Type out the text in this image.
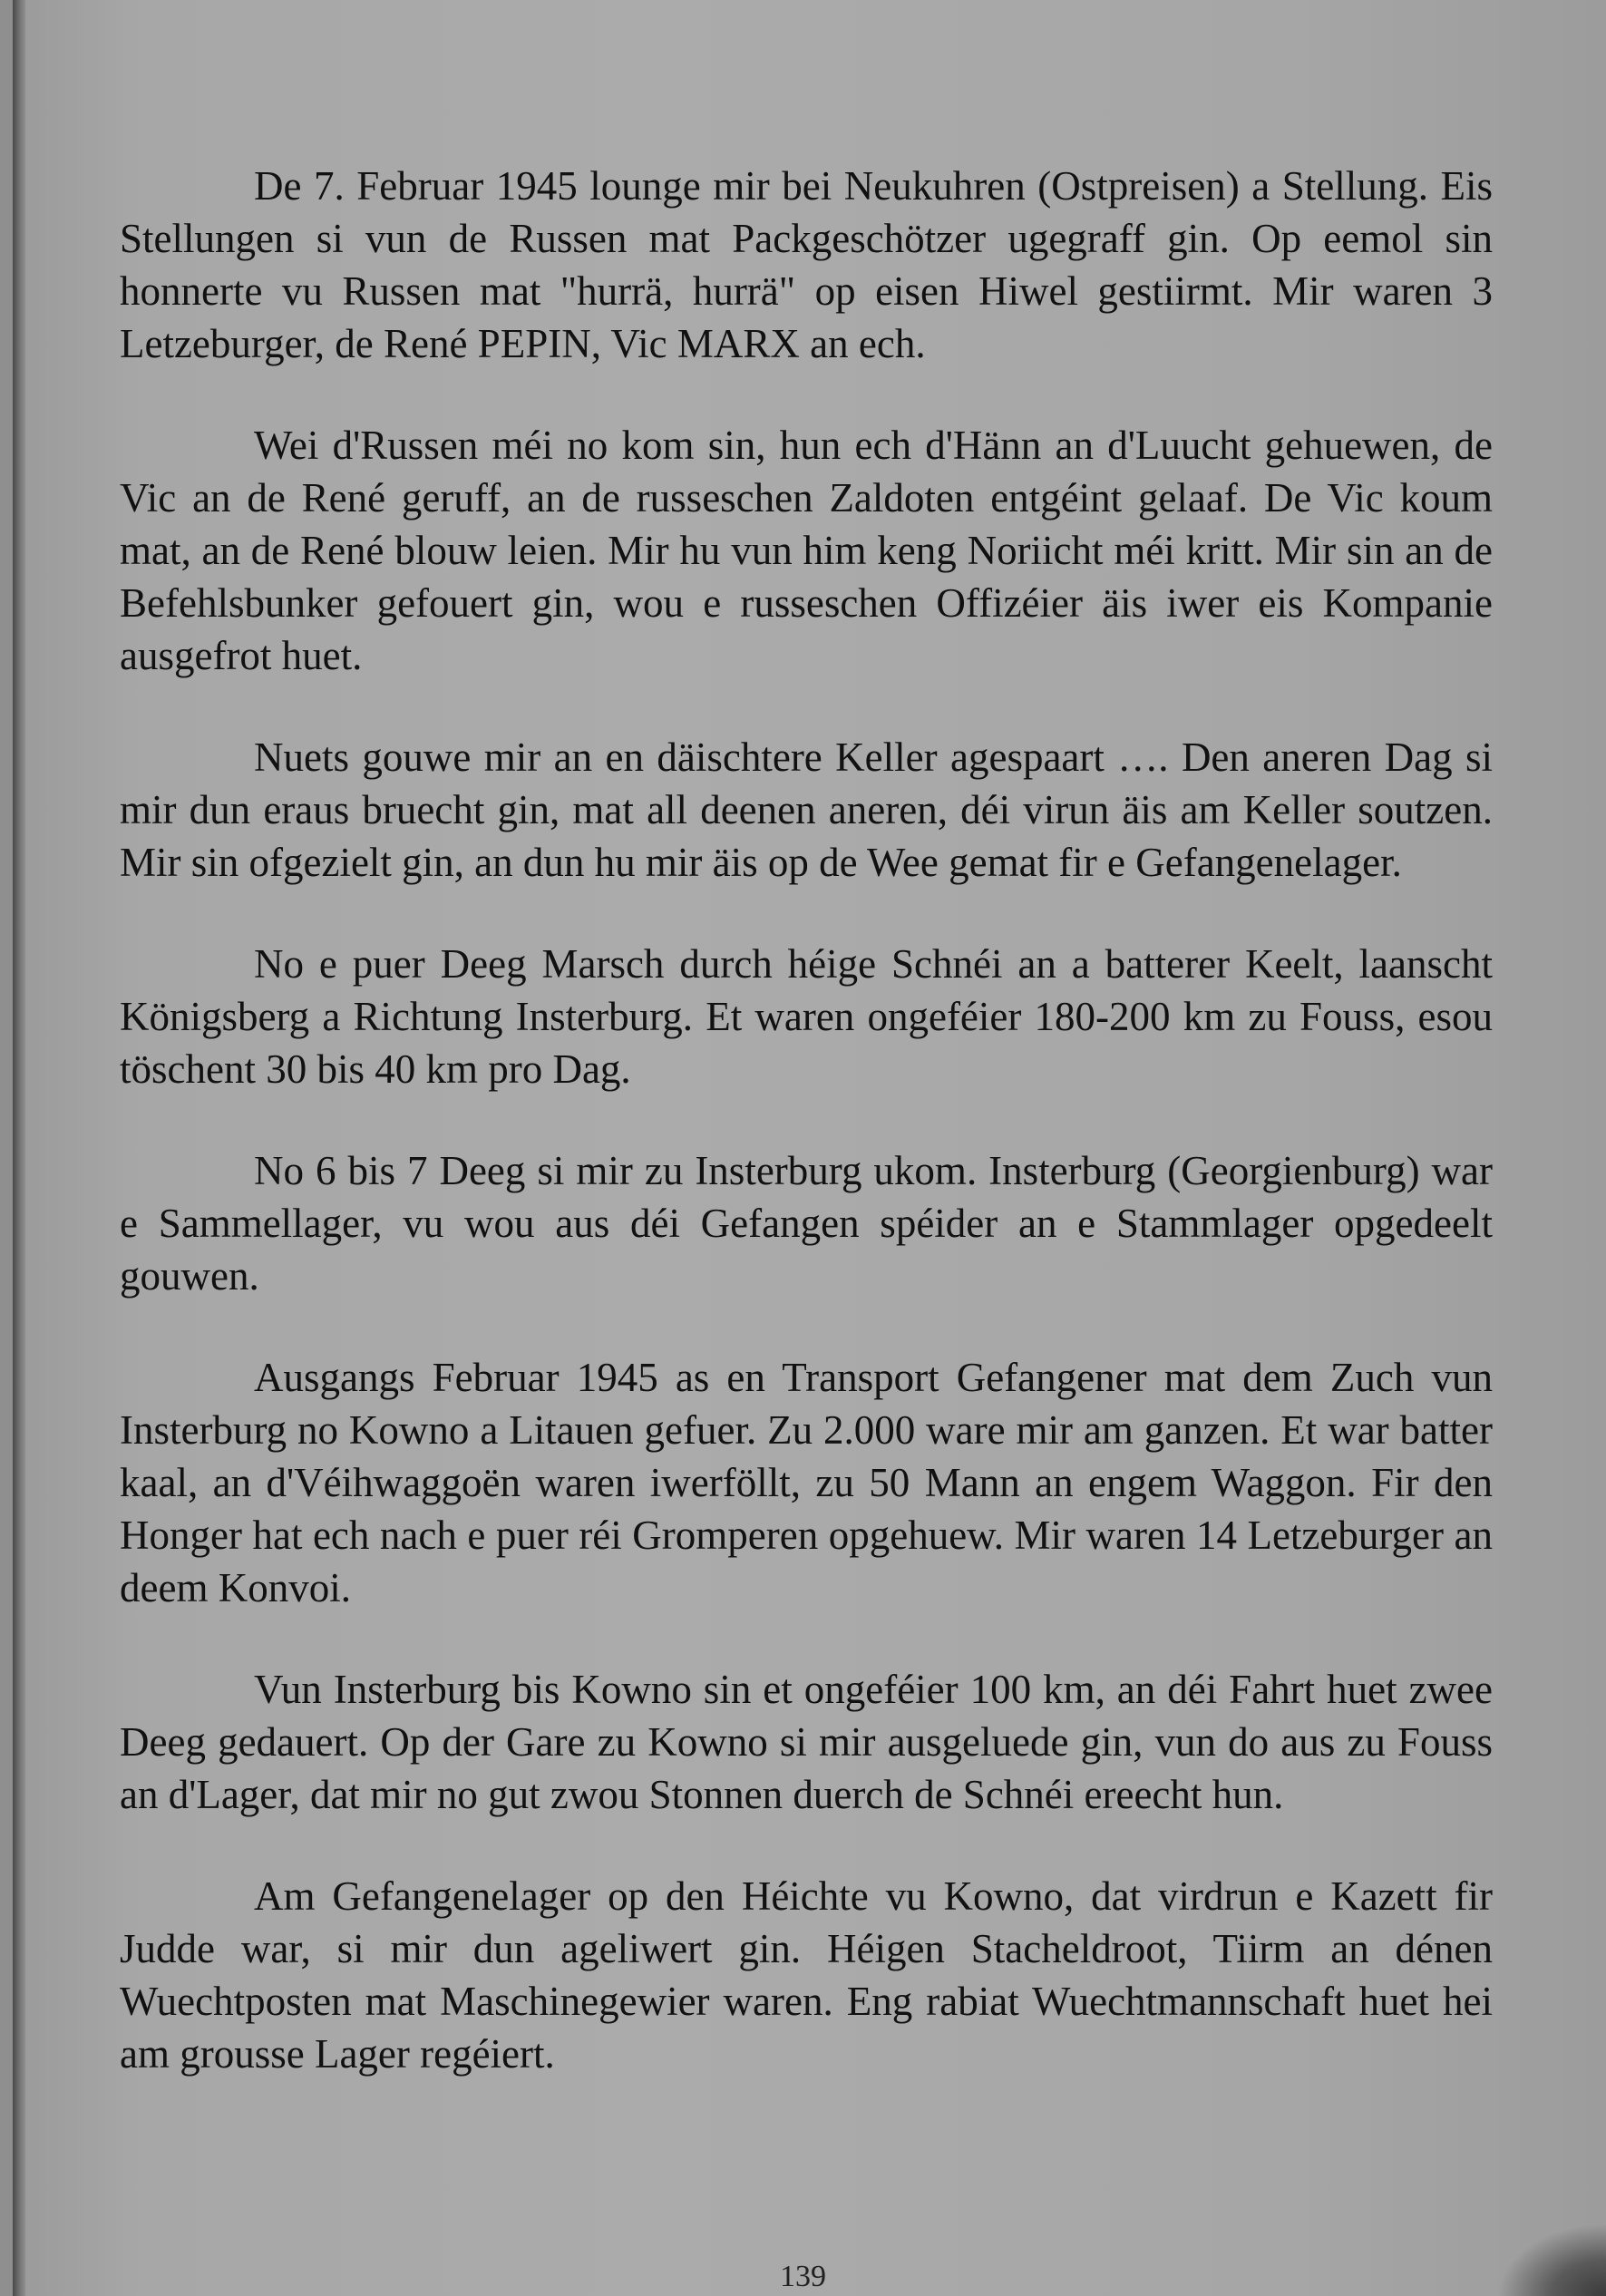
De 7. Februar 1945 lounge mir bei Neukuhren (Ostpreisen) a Stellung. Eis Stellungen si vun de Russen mat Packgeschötzer ugegraff gin. Op eemol sin honnerte vu Russen mat "hurrä, hurrä" op eisen Hiwel gestiirmt. Mir waren 3 Letzeburger, de René PEPIN, Vic MARX an ech.

Wei d'Russen méi no kom sin, hun ech d'Hänn an d'Luucht gehuewen, de Vic an de René geruff, an de russeschen Zaldoten entgéint gelaaf. De Vic koum mat, an de René blouw leien. Mir hu vun him keng Noriicht méi kritt. Mir sin an de Befehlsbunker gefouert gin, wou e russeschen Offizéier äis iwer eis Kompanie ausgefrot huet.

Nuets gouwe mir an en däischtere Keller agespaart …. Den aneren Dag si mir dun eraus bruecht gin, mat all deenen aneren, déi virun äis am Keller soutzen. Mir sin ofgezielt gin, an dun hu mir äis op de Wee gemat fir e Gefangenelager.

No e puer Deeg Marsch durch héige Schnéi an a batterer Keelt, laanscht Königsberg a Richtung Insterburg. Et waren ongeféier 180-200 km zu Fouss, esou töschent 30 bis 40 km pro Dag.

No 6 bis 7 Deeg si mir zu Insterburg ukom. Insterburg (Georgienburg) war e Sammellager, vu wou aus déi Gefangen spéider an e Stammlager opgedeelt gouwen.

Ausgangs Februar 1945 as en Transport Gefangener mat dem Zuch vun Insterburg no Kowno a Litauen gefuer. Zu 2.000 ware mir am ganzen. Et war batter kaal, an d'Véihwaggoën waren iwerföllt, zu 50 Mann an engem Waggon. Fir den Honger hat ech nach e puer réi Gromperen opgehuew. Mir waren 14 Letzeburger an deem Konvoi.

Vun Insterburg bis Kowno sin et ongeféier 100 km, an déi Fahrt huet zwee Deeg gedauert. Op der Gare zu Kowno si mir ausgeluede gin, vun do aus zu Fouss an d'Lager, dat mir no gut zwou Stonnen duerch de Schnéi ereecht hun.

Am Gefangenelager op den Héichte vu Kowno, dat virdrun e Kazett fir Judde war, si mir dun ageliwert gin. Héigen Stacheldroot, Tiirm an dénen Wuechtposten mat Maschinegewier waren. Eng rabiat Wuechtmannschaft huet hei am grousse Lager regéiert.

139
